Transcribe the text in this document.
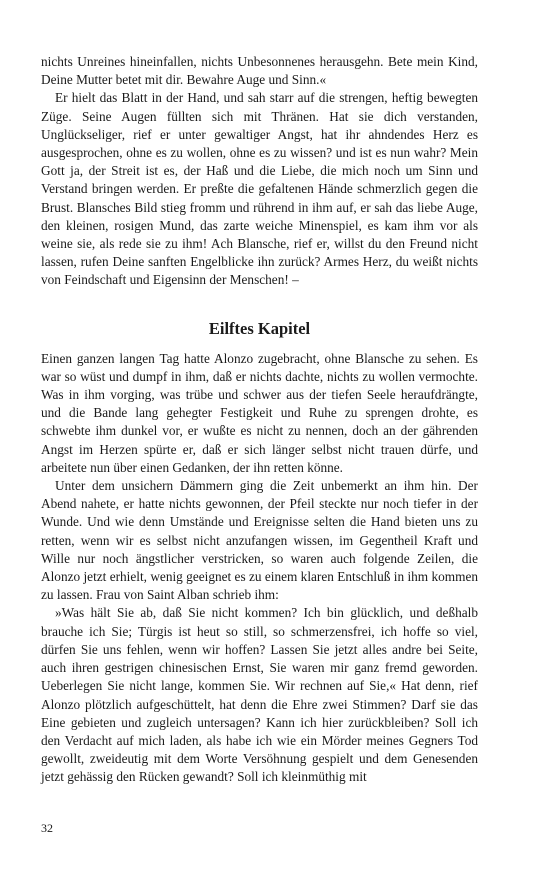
nichts Unreines hineinfallen, nichts Unbesonnenes herausgehn. Bete mein Kind, Deine Mutter betet mit dir. Bewahre Auge und Sinn.«

Er hielt das Blatt in der Hand, und sah starr auf die strengen, heftig bewegten Züge. Seine Augen füllten sich mit Thränen. Hat sie dich verstanden, Unglückseliger, rief er unter gewaltiger Angst, hat ihr ahndendes Herz es ausgesprochen, ohne es zu wollen, ohne es zu wissen? und ist es nun wahr? Mein Gott ja, der Streit ist es, der Haß und die Liebe, die mich noch um Sinn und Verstand bringen werden. Er preßte die gefaltenen Hände schmerzlich gegen die Brust. Blansches Bild stieg fromm und rührend in ihm auf, er sah das liebe Auge, den kleinen, rosigen Mund, das zarte weiche Minenspiel, es kam ihm vor als weine sie, als rede sie zu ihm! Ach Blansche, rief er, willst du den Freund nicht lassen, rufen Deine sanften Engelblicke ihn zurück? Armes Herz, du weißt nichts von Feindschaft und Eigensinn der Menschen! –

Eilftes Kapitel

Einen ganzen langen Tag hatte Alonzo zugebracht, ohne Blansche zu sehen. Es war so wüst und dumpf in ihm, daß er nichts dachte, nichts zu wollen vermochte. Was in ihm vorging, was trübe und schwer aus der tiefen Seele heraufdrängte, und die Bande lang gehegter Festigkeit und Ruhe zu sprengen drohte, es schwebte ihm dunkel vor, er wußte es nicht zu nennen, doch an der gährenden Angst im Herzen spürte er, daß er sich länger selbst nicht trauen dürfe, und arbeitete nun über einen Gedanken, der ihn retten könne.

Unter dem unsichern Dämmern ging die Zeit unbemerkt an ihm hin. Der Abend nahete, er hatte nichts gewonnen, der Pfeil steckte nur noch tiefer in der Wunde. Und wie denn Umstände und Ereignisse selten die Hand bieten uns zu retten, wenn wir es selbst nicht anzufangen wissen, im Gegentheil Kraft und Wille nur noch ängstlicher verstricken, so waren auch folgende Zeilen, die Alonzo jetzt erhielt, wenig geeignet es zu einem klaren Entschluß in ihm kommen zu lassen. Frau von Saint Alban schrieb ihm:

»Was hält Sie ab, daß Sie nicht kommen? Ich bin glücklich, und deßhalb brauche ich Sie; Türgis ist heut so still, so schmerzensfrei, ich hoffe so viel, dürfen Sie uns fehlen, wenn wir hoffen? Lassen Sie jetzt alles andre bei Seite, auch ihren gestrigen chinesischen Ernst, Sie waren mir ganz fremd geworden. Ueberlegen Sie nicht lange, kommen Sie. Wir rechnen auf Sie,« Hat denn, rief Alonzo plötzlich aufgeschüttelt, hat denn die Ehre zwei Stimmen? Darf sie das Eine gebieten und zugleich untersagen? Kann ich hier zurückbleiben? Soll ich den Verdacht auf mich laden, als habe ich wie ein Mörder meines Gegners Tod gewollt, zweideutig mit dem Worte Versöhnung gespielt und dem Genesenden jetzt gehässig den Rücken gewandt? Soll ich kleinmüthig mit

32
